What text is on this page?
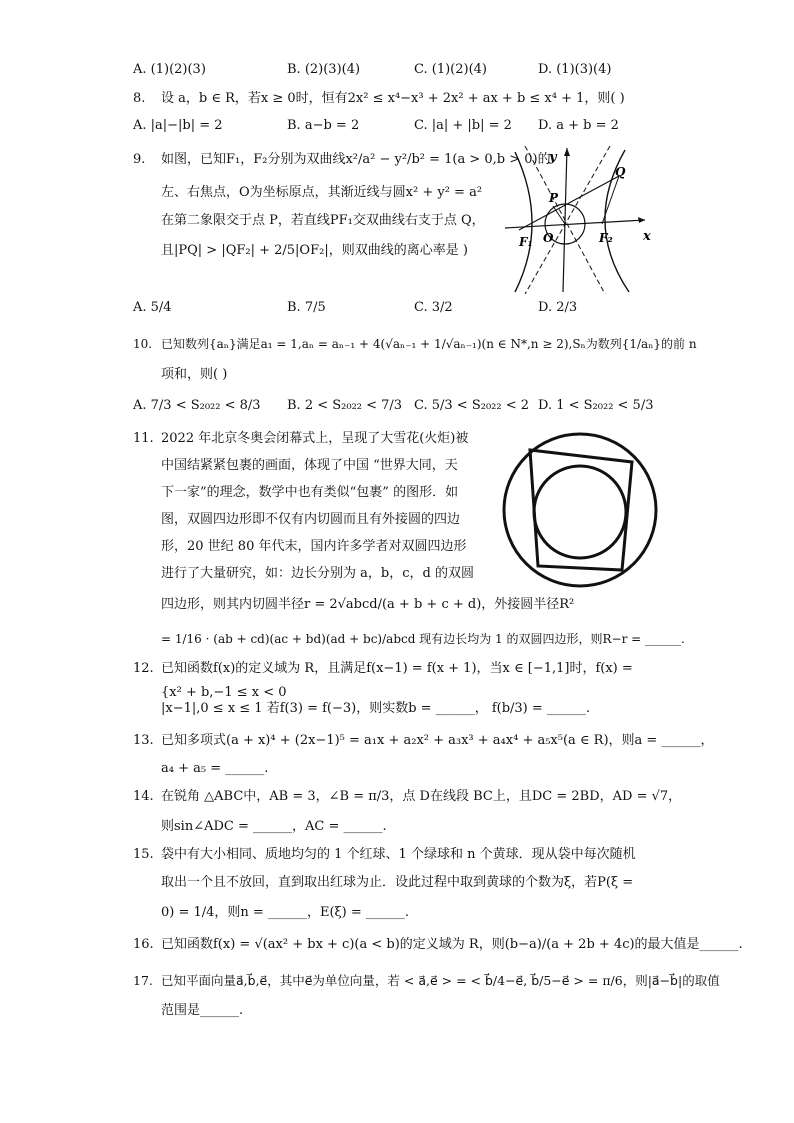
A. (1)(2)(3)	B. (2)(3)(4)	C. (1)(2)(4)	D. (1)(3)(4)
8. 设 a，b ∈ R，若x ≥ 0时，恒有2x² ≤ x⁴−x³ + 2x² + ax + b ≤ x⁴ + 1，则( )
A. |a|−|b| = 2	B. a−b = 2	C. |a| + |b| = 2 D. a + b = 2
9. 如图，已知F₁，F₂分别为双曲线x²/a² − y²/b² = 1(a > 0,b > 0)的
左、右焦点，O为坐标原点，其渐近线与圆x² + y² = a²
在第二象限交于点 P，若直线PF₁交双曲线右支于点 Q，
且|PQ| > |QF₂| + 2/5|OF₂|，则双曲线的离心率是 )
y
x
P
Q
O
F₁	F₂
A. 5/4	B. 7/5	C. 3/2	D. 2/3
10. 已知数列{aₙ}满足a₁ = 1,aₙ = aₙ₋₁ + 4(√aₙ₋₁ + 1/√aₙ₋₁)(n ∈ N*,n ≥ 2),Sₙ为数列{1/aₙ}的前 n
项和，则( )
A. 7/3 < S₂₀₂₂ < 8/3 B. 2 < S₂₀₂₂ < 7/3 C. 5/3 < S₂₀₂₂ < 2 D. 1 < S₂₀₂₂ < 5/3
11. 2022 年北京冬奥会闭幕式上，呈现了大雪花(火炬)被
中国结紧紧包裹的画面，体现了中国 “世界大同，天
下一家”的理念，数学中也有类似“包裹” 的图形．如
图，双圆四边形即不仅有内切圆而且有外接圆的四边
形，20 世纪 80 年代末，国内许多学者对双圆四边形
进行了大量研究，如：边长分别为 a，b，c，d 的双圆
四边形，则其内切圆半径r = 2√abcd/(a + b + c + d)，外接圆半径R²
= 1/16 · (ab + cd)(ac + bd)(ad + bc)/abcd 现有边长均为 1 的双圆四边形，则R−r = ______.
12. 已知函数f(x)的定义域为 R，且满足f(x−1) = f(x + 1)，当x ∈ [−1,1]时，f(x) =
{x² + b,−1 ≤ x < 0
|x−1|,0 ≤ x ≤ 1 若f(3) = f(−3)，则实数b = ______， f(b/3) = ______.
13. 已知多项式(a + x)⁴ + (2x−1)⁵ = a₁x + a₂x² + a₃x³ + a₄x⁴ + a₅x⁵(a ∈ R)，则a = ______，
a₄ + a₅ = ______.
14. 在锐角 △ABC中，AB = 3，∠B = π/3，点 D在线段 BC上，且DC = 2BD，AD = √7，
则sin∠ADC = ______，AC = ______.
15. 袋中有大小相同、质地均匀的 1 个红球、1 个绿球和 n 个黄球．现从袋中每次随机
取出一个且不放回，直到取出红球为止．设此过程中取到黄球的个数为ξ，若P(ξ =
0) = 1/4，则n = ______，E(ξ) = ______.
16. 已知函数f(x) = √(ax² + bx + c)(a < b)的定义域为 R，则(b−a)/(a + 2b + 4c)的最大值是______.
17. 已知平面向量a⃗,b⃗,e⃗，其中e⃗为单位向量，若 < a⃗,e⃗ > = < b⃗/4−e⃗, b⃗/5−e⃗ > = π/6，则|a⃗−b⃗|的取值
范围是______.
